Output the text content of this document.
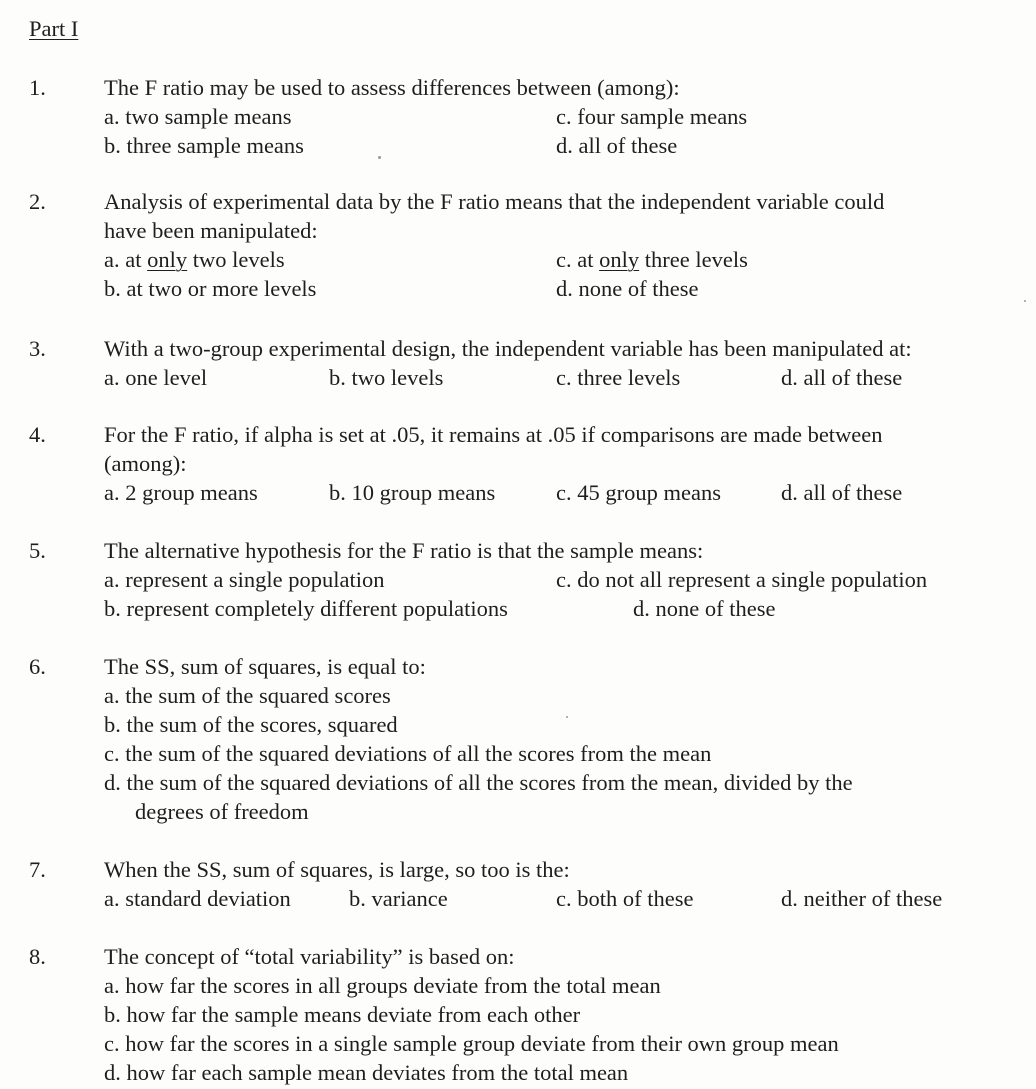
Part I
1.	The F ratio may be used to assess differences between (among):
a. two sample means
b. three sample means
c. four sample means
d. all of these
2.	Analysis of experimental data by the F ratio means that the independent variable could
have been manipulated:
a. at only two levels
b. at two or more levels
c. at only three levels
d. none of these
3.	With a two-group experimental design, the independent variable has been manipulated at:
a. one level	b. two levels	c. three levels	d. all of these
4.	For the F ratio, if alpha is set at .05, it remains at .05 if comparisons are made between
(among):
a. 2 group means	b. 10 group means	c. 45 group means	d. all of these
5.	The alternative hypothesis for the F ratio is that the sample means:
a. represent a single population
b. represent completely different populations
c. do not all represent a single population
d. none of these
6.	The SS, sum of squares, is equal to:
a. the sum of the squared scores
b. the sum of the scores, squared
c. the sum of the squared deviations of all the scores from the mean
d. the sum of the squared deviations of all the scores from the mean, divided by the
degrees of freedom
7.	When the SS, sum of squares, is large, so too is the:
a. standard deviation	b. variance	c. both of these	d. neither of these
8.	The concept of “total variability” is based on:
a. how far the scores in all groups deviate from the total mean
b. how far the sample means deviate from each other
c. how far the scores in a single sample group deviate from their own group mean
d. how far each sample mean deviates from the total mean
